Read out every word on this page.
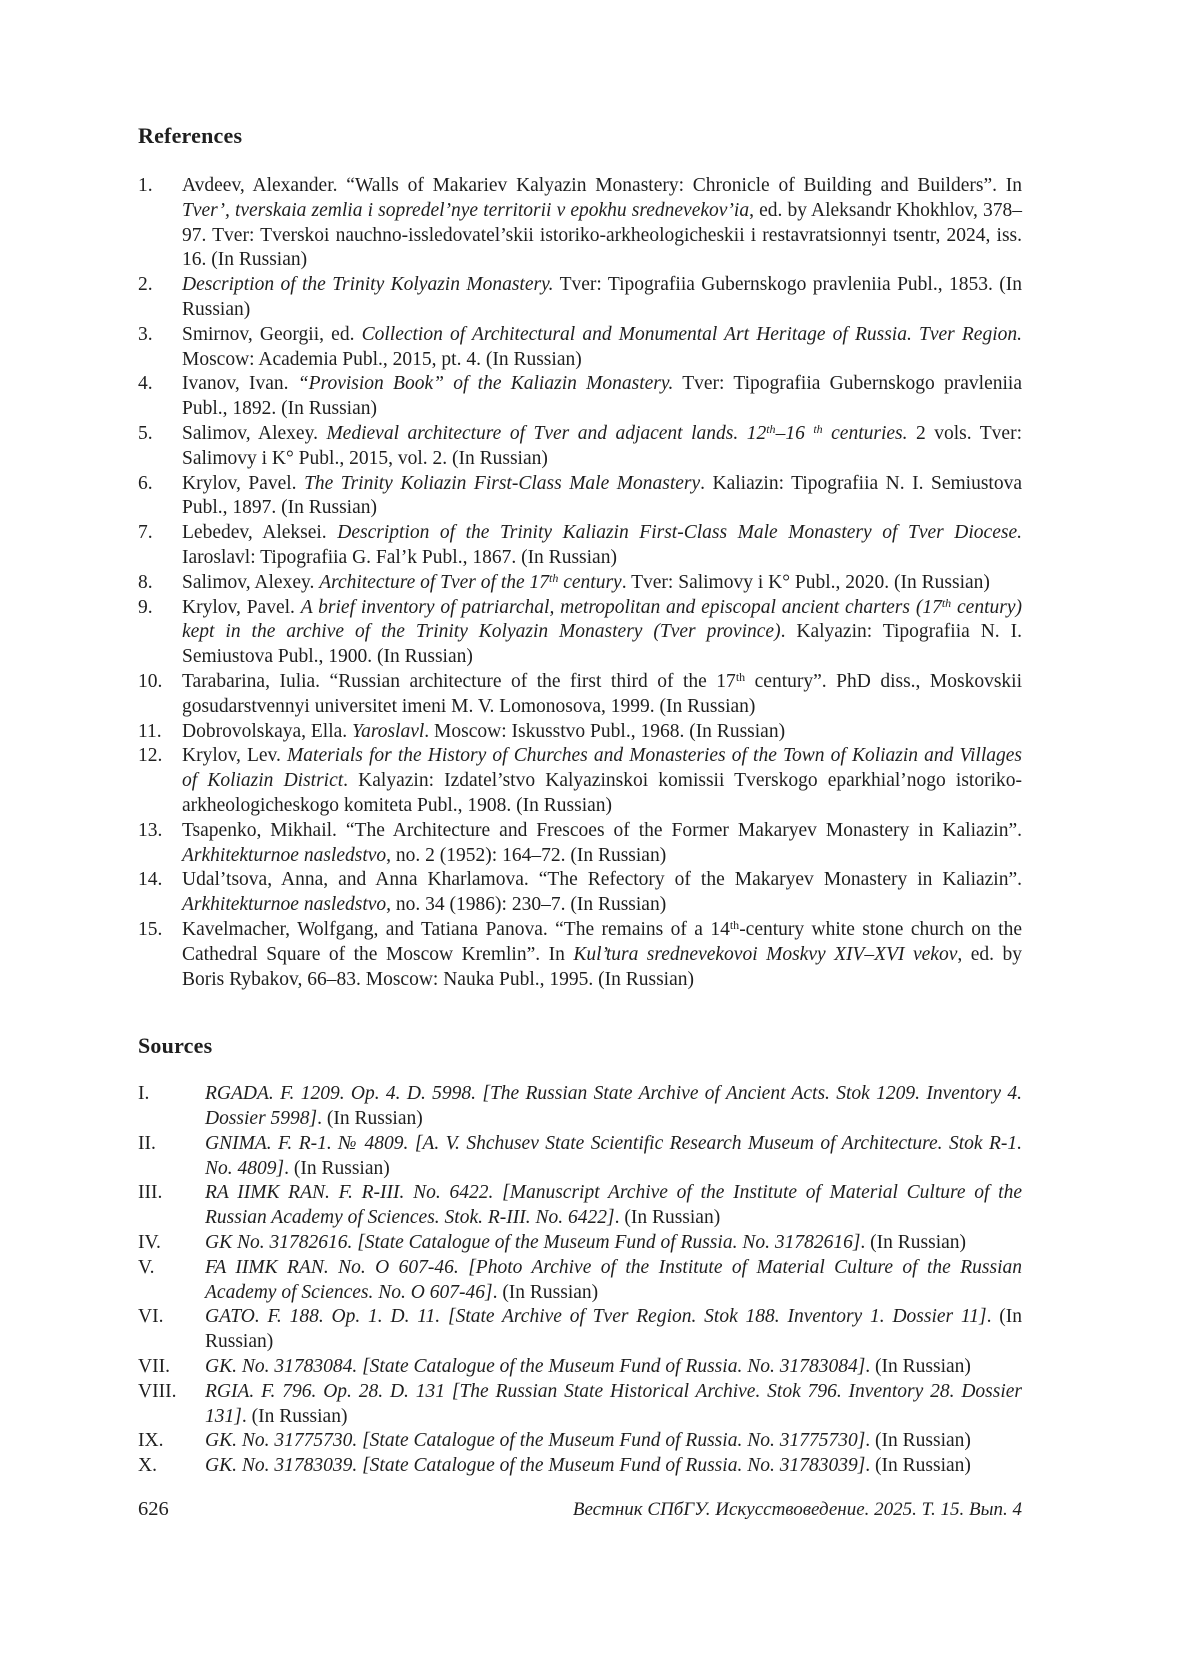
References
1. Avdeev, Alexander. “Walls of Makariev Kalyazin Monastery: Chronicle of Building and Builders”. In Tver’, tverskaia zemlia i sopredel’nye territorii v epokhu srednevekov’ia, ed. by Aleksandr Khokhlov, 378–97. Tver: Tverskoi nauchno-issledovatel’skii istoriko-arkheologicheskii i restavratsionnyi tsentr, 2024, iss. 16. (In Russian)
2. Description of the Trinity Kolyazin Monastery. Tver: Tipografiia Gubernskogo pravleniia Publ., 1853. (In Russian)
3. Smirnov, Georgii, ed. Collection of Architectural and Monumental Art Heritage of Russia. Tver Region. Moscow: Academia Publ., 2015, pt. 4. (In Russian)
4. Ivanov, Ivan. “Provision Book” of the Kaliazin Monastery. Tver: Tipografiia Gubernskogo pravleniia Publ., 1892. (In Russian)
5. Salimov, Alexey. Medieval architecture of Tver and adjacent lands. 12th–16 $^{th}$ centuries. 2 vols. Tver: Salimovy i K° Publ., 2015, vol. 2. (In Russian)
6. Krylov, Pavel. The Trinity Koliazin First-Class Male Monastery. Kaliazin: Tipografiia N. I. Semiustova Publ., 1897. (In Russian)
7. Lebedev, Aleksei. Description of the Trinity Kaliazin First-Class Male Monastery of Tver Diocese. Iaroslavl: Tipografiia G. Fal’k Publ., 1867. (In Russian)
8. Salimov, Alexey. Architecture of Tver of the 17th century. Tver: Salimovy i K° Publ., 2020. (In Russian)
9. Krylov, Pavel. A brief inventory of patriarchal, metropolitan and episcopal ancient charters (17th century) kept in the archive of the Trinity Kolyazin Monastery (Tver province). Kalyazin: Tipografiia N. I. Semiustova Publ., 1900. (In Russian)
10. Tarabarina, Iulia. “Russian architecture of the first third of the 17th century”. PhD diss., Moskovskii gosudarstvennyi universitet imeni M. V. Lomonosova, 1999. (In Russian)
11. Dobrovolskaya, Ella. Yaroslavl. Moscow: Iskusstvo Publ., 1968. (In Russian)
12. Krylov, Lev. Materials for the History of Churches and Monasteries of the Town of Koliazin and Villages of Koliazin District. Kalyazin: Izdatel’stvo Kalyazinskoi komissii Tverskogo eparkhial’nogo istoriko-arkheologicheskogo komiteta Publ., 1908. (In Russian)
13. Tsapenko, Mikhail. “The Architecture and Frescoes of the Former Makaryev Monastery in Kaliazin”. Arkhitekturnoe nasledstvo, no. 2 (1952): 164–72. (In Russian)
14. Udal’tsova, Anna, and Anna Kharlamova. “The Refectory of the Makaryev Monastery in Kaliazin”. Arkhitekturnoe nasledstvo, no. 34 (1986): 230–7. (In Russian)
15. Kavelmacher, Wolfgang, and Tatiana Panova. “The remains of a 14th-century white stone church on the Cathedral Square of the Moscow Kremlin”. In Kul’tura srednevekovoi Moskvy XIV–XVI vekov, ed. by Boris Rybakov, 66–83. Moscow: Nauka Publ., 1995. (In Russian)
Sources
I.	RGADA. F. 1209. Op. 4. D. 5998. [The Russian State Archive of Ancient Acts. Stok 1209. Inventory 4. Dossier 5998]. (In Russian)
II.	GNIMA. F. R-1. № 4809. [A. V. Shchusev State Scientific Research Museum of Architecture. Stok R-1. No. 4809]. (In Russian)
III. RA IIMK RAN. F. R-III. No. 6422. [Manuscript Archive of the Institute of Material Culture of the Russian Academy of Sciences. Stok. R-III. No. 6422]. (In Russian)
IV. GK No. 31782616. [State Catalogue of the Museum Fund of Russia. No. 31782616]. (In Russian)
V.	FA IIMK RAN. No. O 607-46. [Photo Archive of the Institute of Material Culture of the Russian Academy of Sciences. No. O 607-46]. (In Russian)
VI. GATO. F. 188. Op. 1. D. 11. [State Archive of Tver Region. Stok 188. Inventory 1. Dossier 11]. (In Russian)
VII. GK. No. 31783084. [State Catalogue of the Museum Fund of Russia. No. 31783084]. (In Russian)
VIII. RGIA. F. 796. Op. 28. D. 131 [The Russian State Historical Archive. Stok 796. Inventory 28. Dossier 131]. (In Russian)
IX. GK. No. 31775730. [State Catalogue of the Museum Fund of Russia. No. 31775730]. (In Russian)
X. GK. No. 31783039. [State Catalogue of the Museum Fund of Russia. No. 31783039]. (In Russian)
626	Вестник СПбГУ. Искусствоведение. 2025. Т. 15. Вып. 4
